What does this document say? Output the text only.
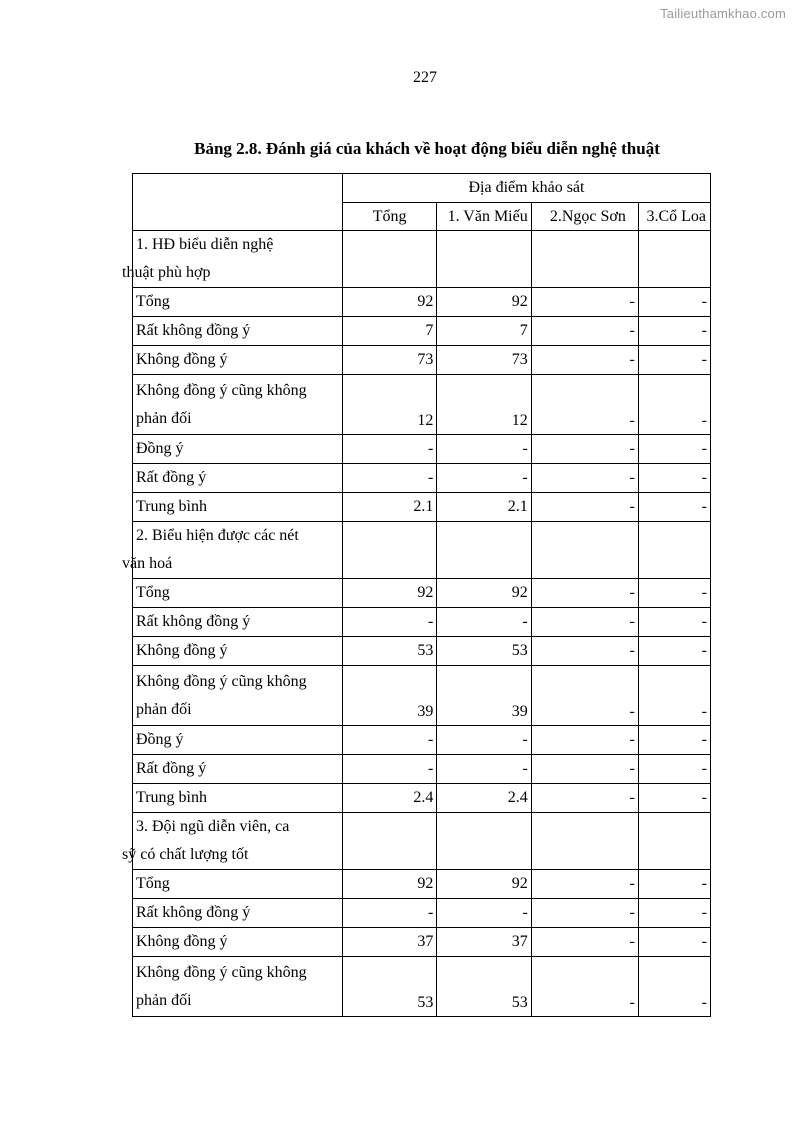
Tailieuthamkhao.com
227
Bảng 2.8. Đánh giá của khách về hoạt động biểu diễn nghệ thuật
	Địa điểm khảo sát			
	Tổng	1. Văn Miếu	2.Ngọc Sơn	3.Cổ Loa

1. HĐ biểu diễn nghệ
thuật phù hợp				

Tổng	92	92	-	-
Rất không đồng ý	7	7	-	-
Không đồng ý	73	73	-	-

Không đồng ý cũng không
phản đối	12	12	-	-
Đồng ý	-	-	-	-
Rất đồng ý	-	-	-	-
Trung bình	2.1	2.1	-	-

2. Biểu hiện được các nét
văn hoá				

Tổng	92	92	-	-
Rất không đồng ý	-	-	-	-
Không đồng ý	53	53	-	-

Không đồng ý cũng không
phản đối	39	39	-	-
Đồng ý	-	-	-	-
Rất đồng ý	-	-	-	-
Trung bình	2.4	2.4	-	-

3. Đội ngũ diễn viên, ca
sỹ có chất lượng tốt				

Tổng	92	92	-	-
Rất không đồng ý	-	-	-	-
Không đồng ý	37	37	-	-

Không đồng ý cũng không
phản đối	53	53	-	-
